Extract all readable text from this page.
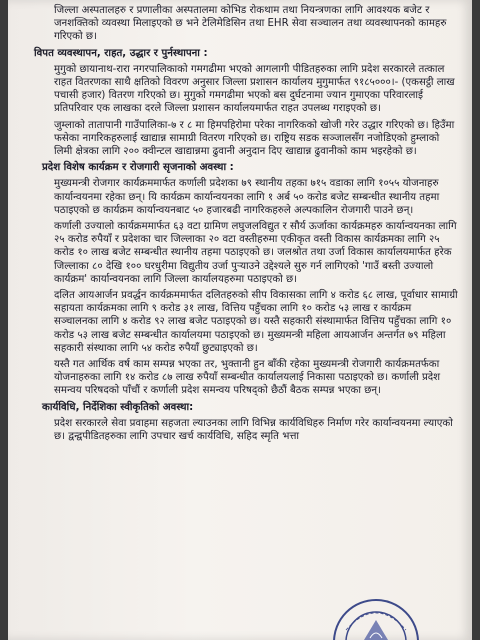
जिल्ला अस्पतालहरु र प्रणालीका अस्पतालमा कोभिड रोकथाम तथा नियन्त्रणका लागि आवश्यक बजेट र जनशक्तिको व्यवस्था मिलाइएको छ भने टेलिमेडिसिन तथा EHR सेवा सञ्चालन तथा व्यवस्थापनको कामहरु गरिएको छ।

विपत व्यवस्थापन, राहत, उद्धार र पुर्नस्थापना :

मुगुको छायानाथ-रारा नगरपालिकाको गमगढीमा भएको आगलागी पीडितहरुका लागि प्रदेश सरकारले तत्काल राहत वितरणका साथै क्षतिको विवरण अनुसार जिल्ला प्रशासन कार्यालय मुगुमार्फत ९१८५०००।- (एकसट्ठी लाख पचासी हजार) वितरण गरिएको छ। मुगुको गमगढीमा भएको बस दुर्घटनामा ज्यान गुमाएका परिवारलाई प्रतिपरिवार एक लाखका दरले जिल्ला प्रशासन कार्यालयमार्फत राहत उपलब्ध गराइएको छ।

जुम्लाको तातापानी गाउँपालिका-७ र ८ मा हिमपहिरोमा परेका नागरिकको खोजी गरेर उद्धार गरिएको छ। हिउँमा फसेका नागरिकहरुलाई खाद्यान्न सामाग्री वितरण गरिएको छ। राष्ट्रिय सडक सञ्जालसँग नजोडिएको हुम्लाको लिमी क्षेत्रका लागि २०० क्वीन्टल खाद्यान्नमा ढुवानी अनुदान दिए खाद्यान्न ढुवानीको काम भइरहेको छ।

प्रदेश विशेष कार्यक्रम र रोजगारी सृजनाको अवस्था :

मुख्यमन्त्री रोजगार कार्यक्रममार्फत कर्णाली प्रदेशका ७९ स्थानीय तहका ७१५ वडाका लागि १०५५ योजनाहरु कार्यान्वयनमा रहेका छन्। यि कार्यक्रम कार्यान्वयनका लागि १ अर्ब ५० करोड बजेट सम्बन्धीत स्थानीय तहमा पठाइएको छ कार्यक्रम कार्यान्वयनबाट ५० हजारबढी नागरिकहरुले अल्पकालिन रोजगारी पाउने छन्।

कर्णाली उज्यालो कार्यक्रममार्फत ६३ वटा ग्रामिण लघुजलविद्युत र सौर्य ऊर्जाका कार्यक्रमहरु कार्यान्वयनका लागि २५ करोड रुपैयाँ र प्रदेशका चार जिल्लाका २० वटा वस्तीहरुमा एकीकृत वस्ती विकास कार्यक्रमका लागि २५ करोड १० लाख बजेट सम्बन्धीत स्थानीय तहमा पठाइएको छ। जलश्रोत तथा उर्जा विकास कार्यालयमार्फत हरेक जिल्लाका ८० देखि १०० घरधुरीमा विद्युतीय उर्जा पुऱ्याउने उद्देश्यले सुरु गर्न लागिएको 'गाउँ बस्ती उज्यालो कार्यक्रम' कार्यान्वयनका लागि जिल्ला कार्यालयहरुमा पठाइएको छ।

दलित आयआर्जन प्रवर्द्धन कार्यक्रममार्फत दलितहरुको सीप विकासका लागि ४ करोड ६८ लाख, पूर्वाधार सामाग्री सहायता कार्यक्रमका लागि ९ करोड ३१ लाख, वित्तिय पहुँचका लागि १० करोड ५३ लाख र कार्यक्रम सञ्चालनका लागि ४ करोड ९२ लाख बजेट पठाइएको छ। यस्तै सहकारी संस्थामार्फत वित्तिय पहुँचका लागि १० करोड ५३ लाख बजेट सम्बन्धीत कार्यालयमा पठाइएको छ। मुख्यमन्त्री महिला आयआर्जन अन्तर्गत ७९ महिला सहकारी संस्थाका लागि ५४ करोड रुपैयाँ छुट्याइएको छ।

यस्तै गत आर्थिक वर्ष काम सम्पन्न भएका तर, भुक्तानी हुन बाँकी रहेका मुख्यमन्त्री रोजगारी कार्यक्रमतर्फका योजनाहरुका लागि १४ करोड ८७ लाख रुपैयाँ सम्बन्धीत कार्यालयलाई निकासा पठाइएको छ। कर्णाली प्रदेश समन्वय परिषदको पाँचौं र कर्णाली प्रदेश समन्वय परिषद्को छैठौं बैठक सम्पन्न भएका छन्।

कार्यविधि, निर्देशिका स्वीकृतिको अवस्था:

प्रदेश सरकारले सेवा प्रवाहमा सहजता ल्याउनका लागि विभिन्न कार्यविधिहरु निर्माण गरेर कार्यान्वयनमा ल्याएको छ। द्वन्द्वपीडितहरुका लागि उपचार खर्च कार्यविधि, सहिद स्मृति भत्ता
